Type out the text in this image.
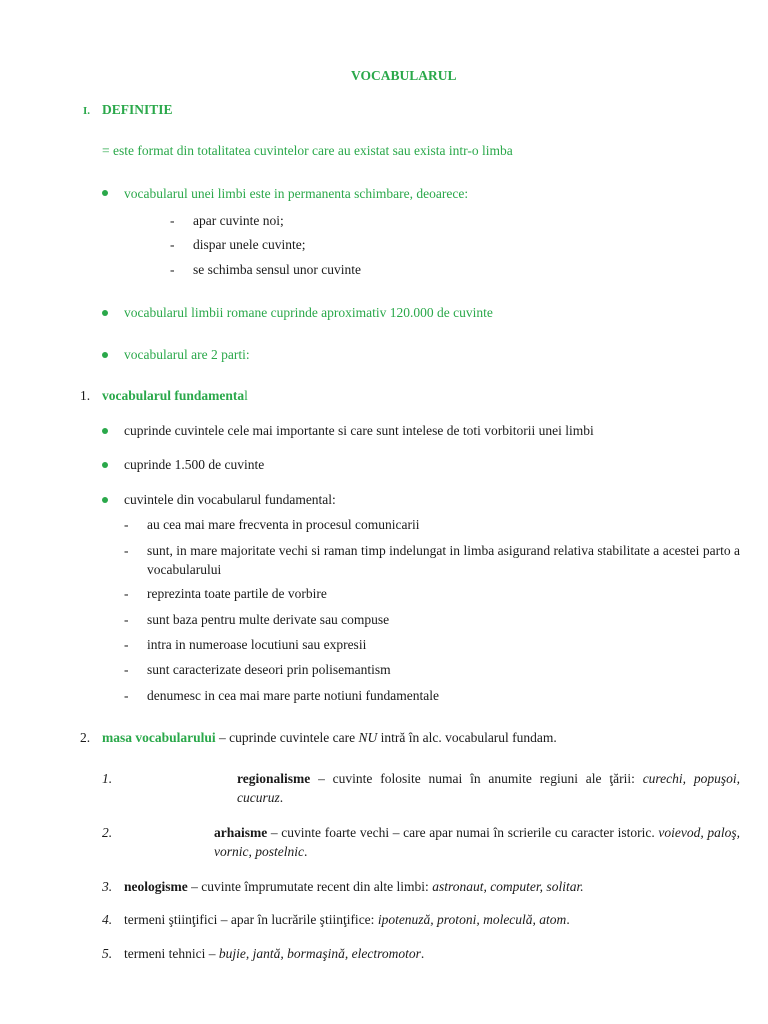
VOCABULARUL
I. DEFINITIE
= este format din totalitatea cuvintelor care au existat sau exista intr-o limba
vocabularul unei limbi este in permanenta schimbare, deoarece:
- apar cuvinte noi;
- dispar unele cuvinte;
- se schimba sensul unor cuvinte
vocabularul limbii romane cuprinde aproximativ 120.000 de cuvinte
vocabularul are 2 parti:
1. vocabularul fundamental
cuprinde cuvintele cele mai importante si care sunt intelese de toti vorbitorii unei limbi
cuprinde 1.500 de cuvinte
cuvintele din vocabularul fundamental:
- au cea mai mare frecventa in procesul comunicarii
- sunt, in mare majoritate vechi si raman timp indelungat in limba asigurand relativa stabilitate a acestei parto a vocabularului
- reprezinta toate partile de vorbire
- sunt baza pentru multe derivate sau compuse
- intra in numeroase locutiuni sau expresii
- sunt caracterizate deseori prin polisemantism
- denumesc in cea mai mare parte notiuni fundamentale
2. masa vocabularului – cuprinde cuvintele care NU intră în alc. vocabularul fundam.
1.	regionalisme – cuvinte folosite numai în anumite regiuni ale ţării: curechi, popuşoi, cucuruz.
2.	arhaisme – cuvinte foarte vechi – care apar numai în scrierile cu caracter istoric. voievod, paloş, vornic, postelnic.
3. neologisme – cuvinte împrumutate recent din alte limbi: astronaut, computer, solitar.
4. termeni ştiinţifici – apar în lucrările ştiinţifice: ipotenuză, protoni, moleculă, atom.
5. termeni tehnici – bujie, jantă, bormaşină, electromotor.
